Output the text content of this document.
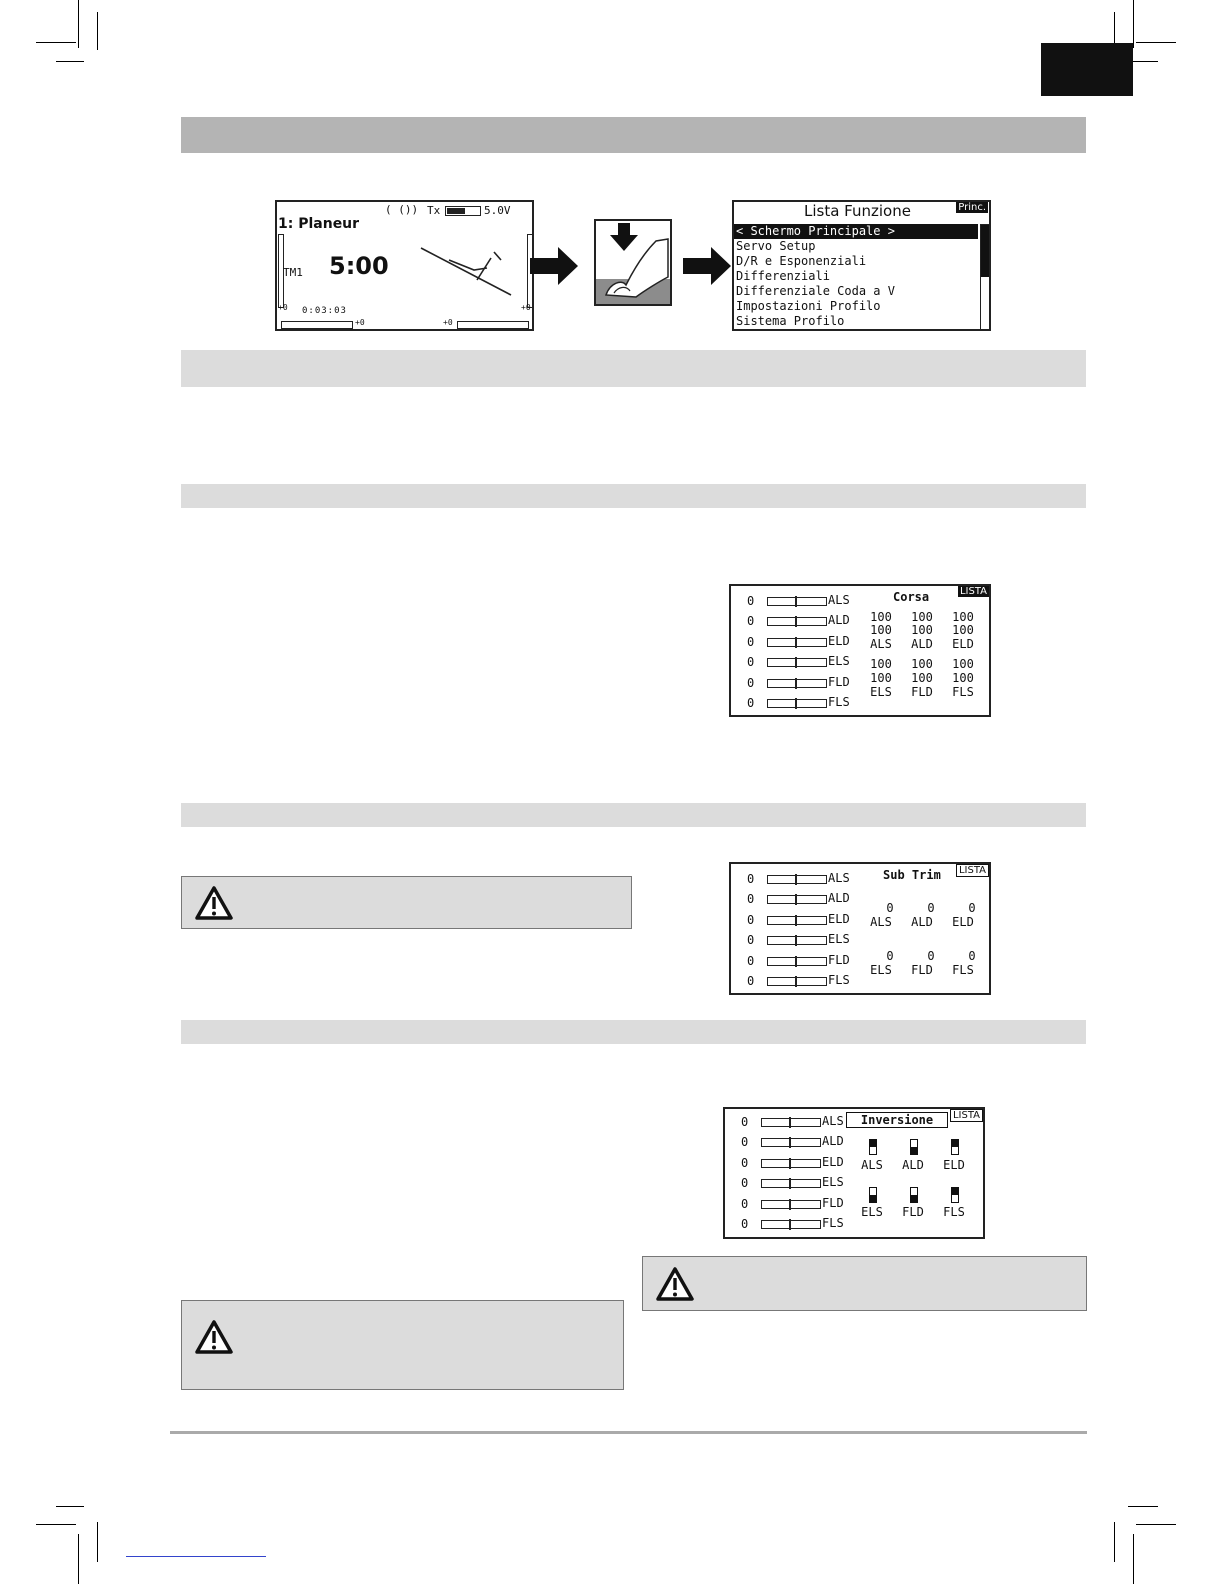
( ()) Tx	5.0V
1: Planeur
TM1 5:00
+0 0:03:03	+0
+0	+0
Lista Funzione	Princ.
< Schermo Principale >
Servo Setup
D/R e Esponenziali
Differenziali
Differenziale Coda a V
Impostazioni Profilo
Sistema Profilo
0	ALS
0	ALD
0	ELD
0	ELS
0	FLD
0	FLS
Corsa	LISTA
100	100	100
100	100	100
ALS	ALD	ELD
100	100	100
100	100	100
ELS	FLD	FLS
0	ALS
0	ALD
0	ELD
0	ELS
0	FLD
0	FLS
Sub Trim	LISTA
0	0	0
ALS	ALD	ELD
0	0	0
ELS	FLD	FLS
0	ALS
0	ALD
0	ELD
0	ELS
0	FLD
0	FLS
Inversione	LISTA
ALS	ALD	ELD
ELS	FLD	FLS
